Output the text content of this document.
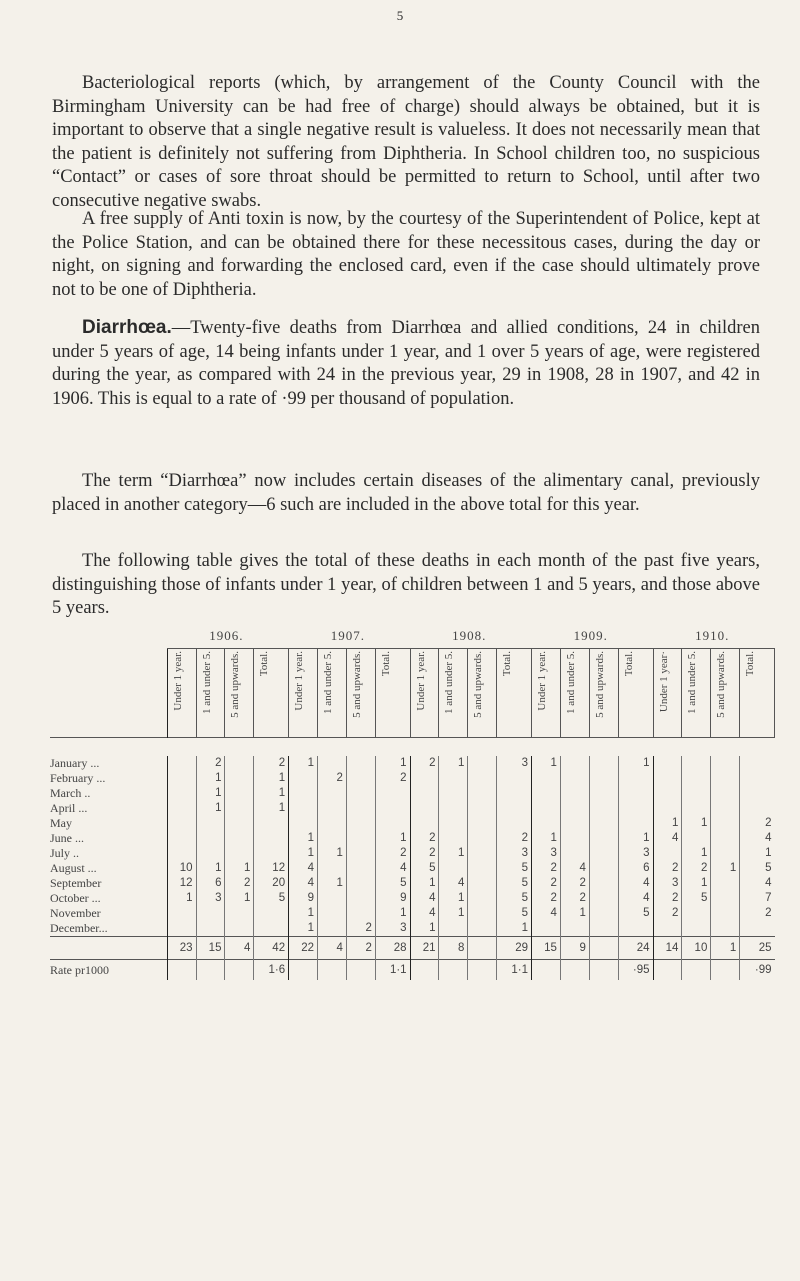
5

Bacteriological reports (which, by arrangement of the County Council with the Birmingham University can be had free of charge) should always be obtained, but it is important to observe that a single negative result is valueless. It does not necessarily mean that the patient is definitely not suffering from Diphtheria. In School children too, no suspicious “Contact” or cases of sore throat should be permitted to return to School, until after two consecutive negative swabs.

A free supply of Anti toxin is now, by the courtesy of the Superintendent of Police, kept at the Police Station, and can be obtained there for these necessitous cases, during the day or night, on signing and forwarding the enclosed card, even if the case should ultimately prove not to be one of Diphtheria.

Diarrhœa.—Twenty-five deaths from Diarrhœa and allied conditions, 24 in children under 5 years of age, 14 being infants under 1 year, and 1 over 5 years of age, were registered during the year, as compared with 24 in the previous year, 29 in 1908, 28 in 1907, and 42 in 1906. This is equal to a rate of ·99 per thousand of population.

The term “Diarrhœa” now includes certain diseases of the alimentary canal, previously placed in another category—6 such are included in the above total for this year.

The following table gives the total of these deaths in each month of the past five years, distinguishing those of infants under 1 year, of children between 1 and 5 years, and those above 5 years.

	1906.				1907.				1908.				1909.				1910.			
	Under 1 year.	1 and under 5.	5 and upwards.	Total.	Under 1 year.	1 and under 5.	5 and upwards.	Total.	Under 1 year.	1 and under 5.	5 and upwards.	Total.	Under 1 year.	1 and under 5.	5 and upwards.	Total.	Under 1 year·	1 and under 5.	5 and upwards.	Total.

January ...		2		2	1			1	2	1		3	1			1				
February ...		1		1		2		2												
March ..		1		1																
April ...		1		1																
May																	1	1		2
June ...					1			1	2			2	1			1	4			4
July ..					1	1		2	2	1		3	3			3		1		1
August ...	10	1	1	12	4			4	5			5	2	4		6	2	2	1	5
September	12	6	2	20	4	1		5	1	4		5	2	2		4	3	1		4
October ...	1	3	1	5	9			9	4	1		5	2	2		4	2	5		7
November					1			1	4	1		5	4	1		5	2			2
December...					1		2	3	1			1								
	23	15	4	42	22	4	2	28	21	8		29	15	9		24	14	10	1	25
Rate pr1000				1·6				1·1				1·1				·95				·99
